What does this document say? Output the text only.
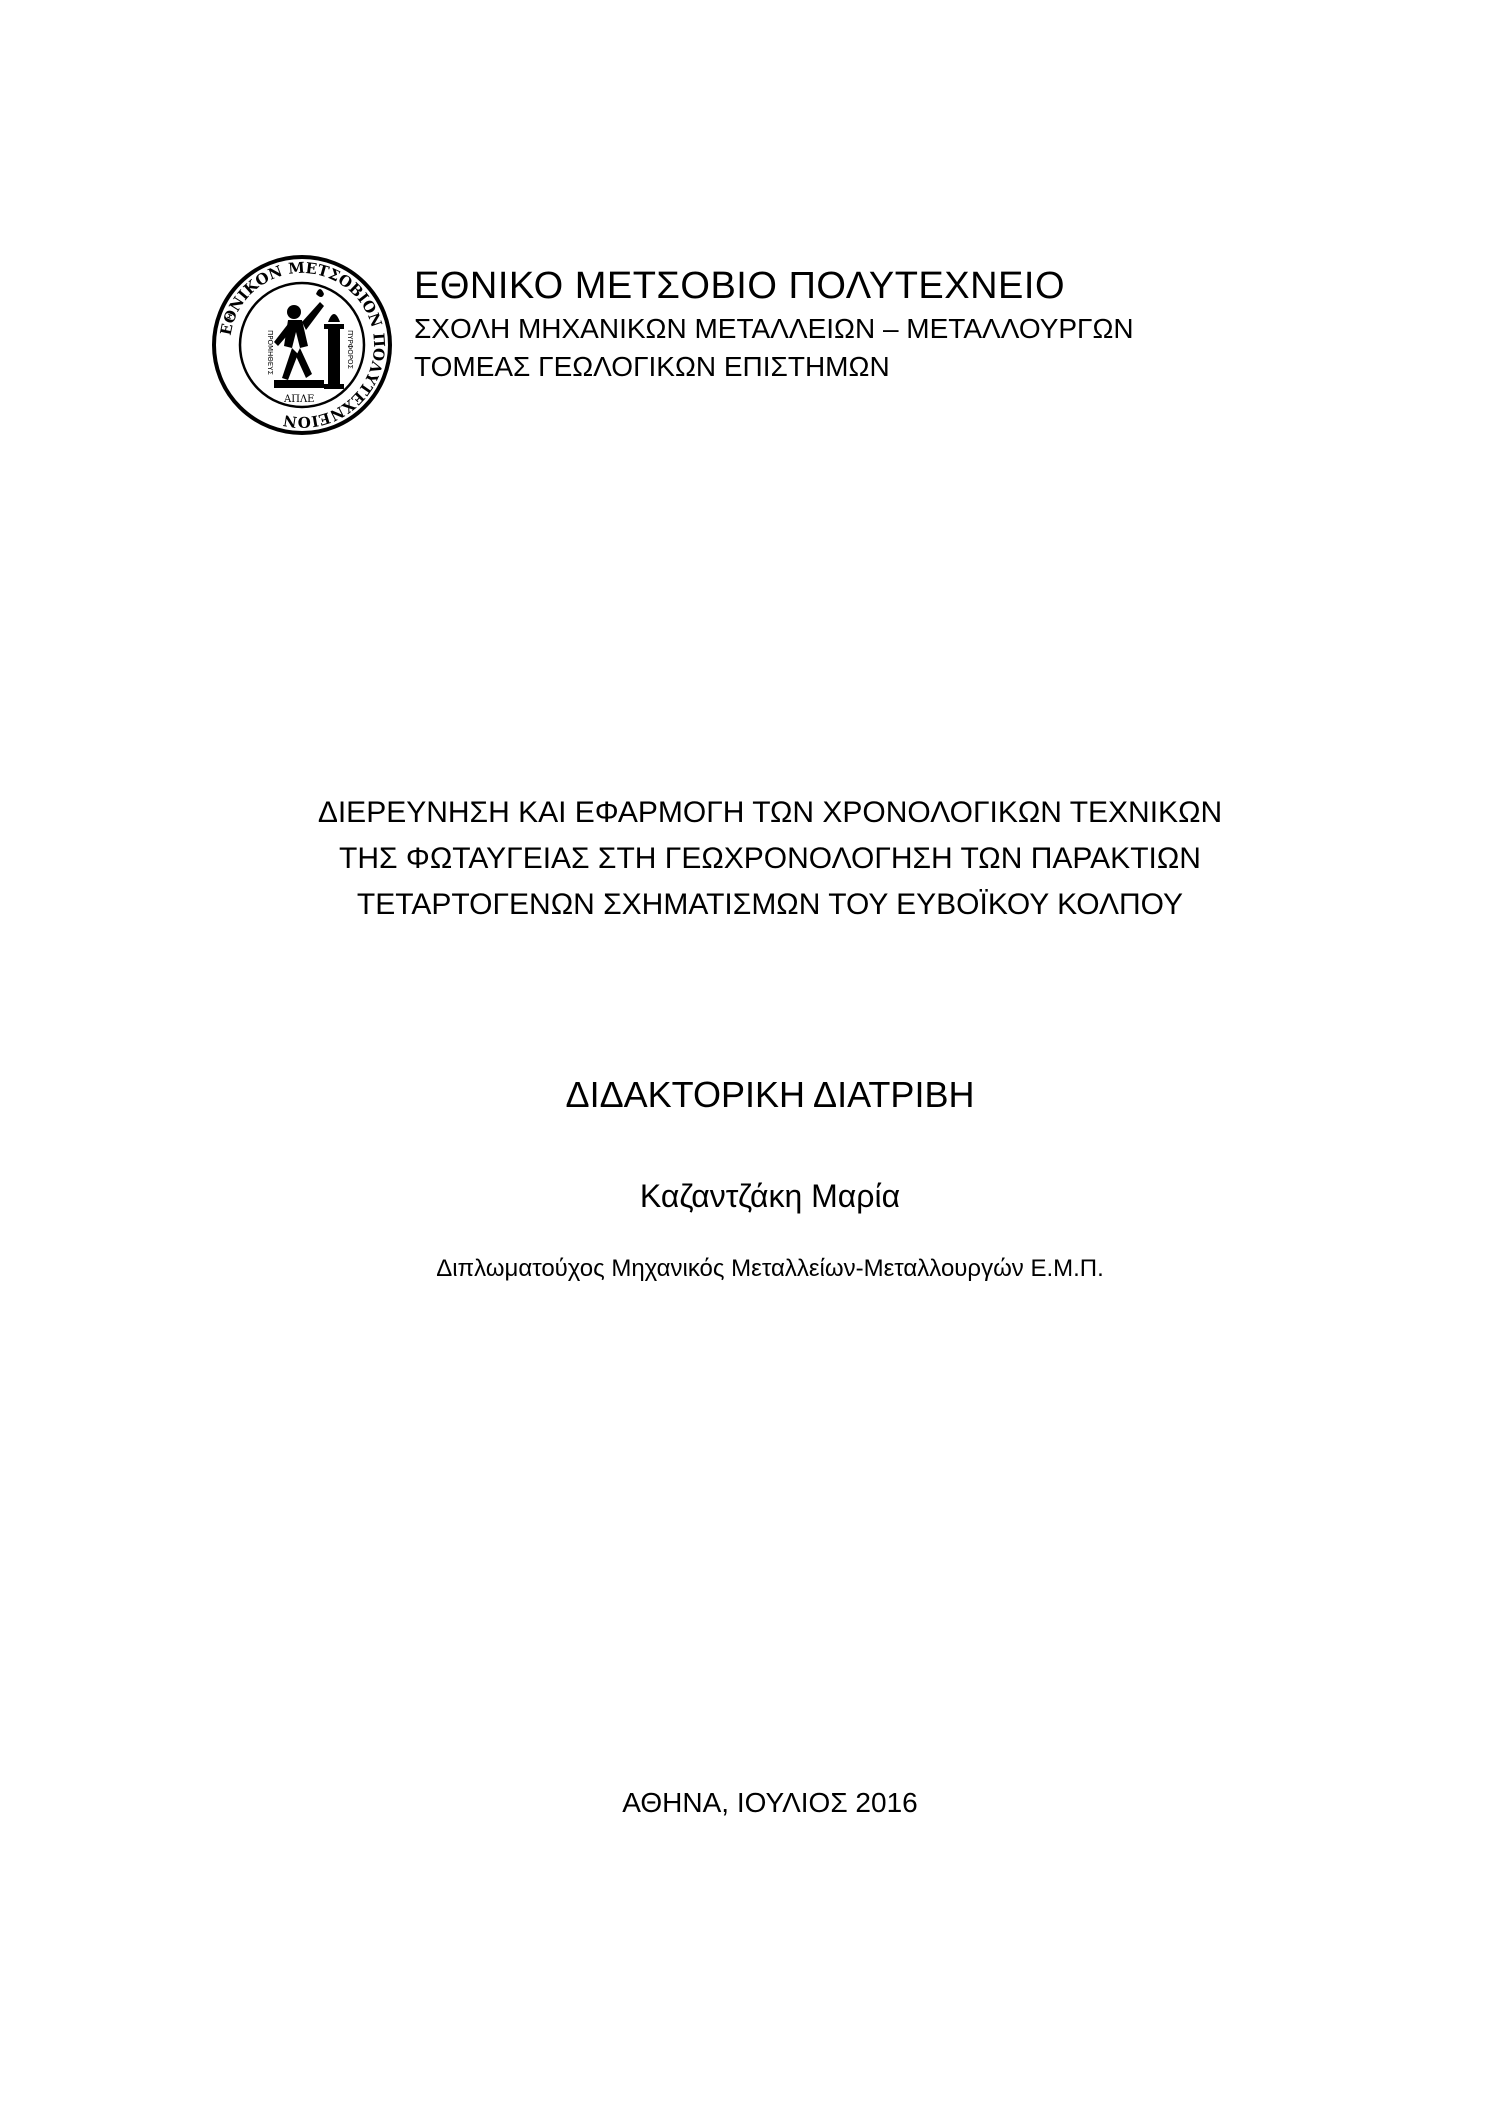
ΕΘΝΙΚΟΝ ΜΕΤΣΟΒΙΟΝ ΠΟΛΥΤΕΧΝΕΙΟΝ
ΠΡΟΜΗΘΕΥΣ	ΠΥΡΦΟΡΟΣ
ΑΠΛΕ
ΕΘΝΙΚΟ ΜΕΤΣΟΒΙΟ ΠΟΛΥΤΕΧΝΕΙΟ
ΣΧΟΛΗ ΜΗΧΑΝΙΚΩΝ ΜΕΤΑΛΛΕΙΩΝ – ΜΕΤΑΛΛΟΥΡΓΩΝ
ΤΟΜΕΑΣ ΓΕΩΛΟΓΙΚΩΝ ΕΠΙΣΤΗΜΩΝ
ΔΙΕΡΕΥΝΗΣΗ ΚΑΙ ΕΦΑΡΜΟΓΗ ΤΩΝ ΧΡΟΝΟΛΟΓΙΚΩΝ ΤΕΧΝΙΚΩΝ
ΤΗΣ ΦΩΤΑΥΓΕΙΑΣ ΣΤΗ ΓΕΩΧΡΟΝΟΛΟΓΗΣΗ ΤΩΝ ΠΑΡΑΚΤΙΩΝ
ΤΕΤΑΡΤΟΓΕΝΩΝ ΣΧΗΜΑΤΙΣΜΩΝ ΤΟΥ ΕΥΒΟΪΚΟΥ ΚΟΛΠΟΥ
ΔΙΔΑΚΤΟΡΙΚΗ ΔΙΑΤΡΙΒΗ
Καζαντζάκη Μαρία
Διπλωματούχος Μηχανικός Μεταλλείων-Μεταλλουργών Ε.Μ.Π.
ΑΘΗΝΑ, ΙΟΥΛΙΟΣ 2016
